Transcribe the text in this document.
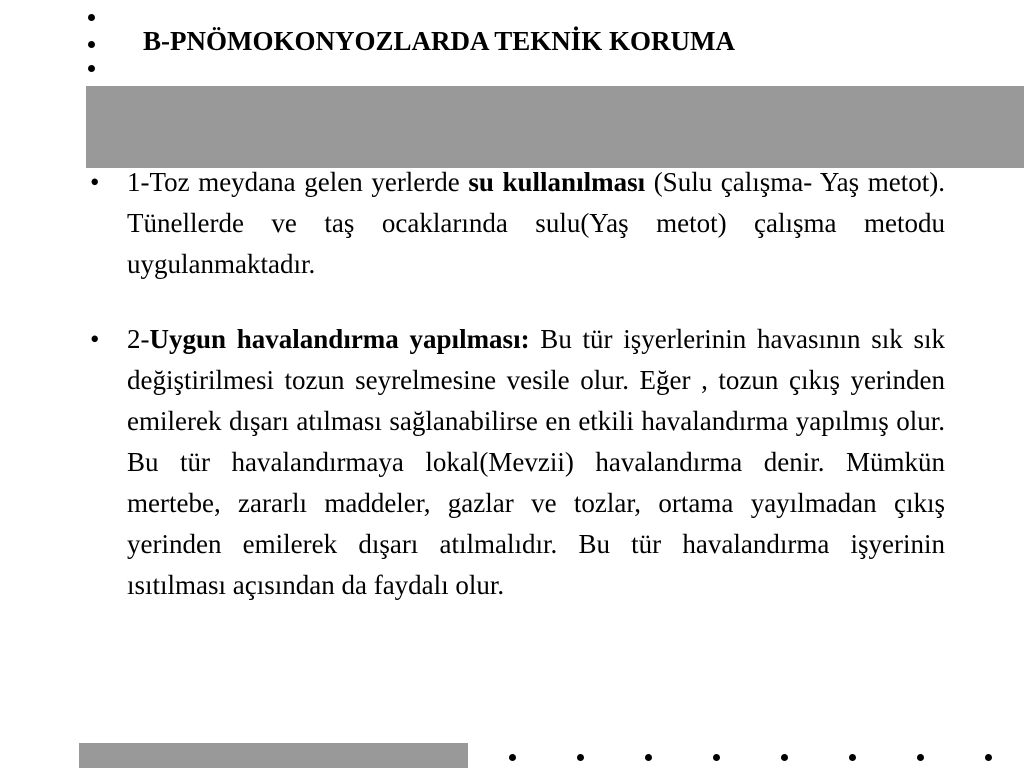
B-PNÖMOKONYOZLARDA TEKNİK KORUMA

• 1-Toz meydana gelen yerlerde su kullanılması (Sulu çalışma- Yaş metot). Tünellerde ve taş ocaklarında sulu(Yaş metot) çalışma metodu uygulanmaktadır.

• 2-Uygun havalandırma yapılması: Bu tür işyerlerinin havasının sık sık değiştirilmesi tozun seyrelmesine vesile olur. Eğer , tozun çıkış yerinden emilerek dışarı atılması sağlanabilirse en etkili havalandırma yapılmış olur. Bu tür havalandırmaya lokal(Mevzii) havalandırma denir. Mümkün mertebe, zararlı maddeler, gazlar ve tozlar, ortama yayılmadan çıkış yerinden emilerek dışarı atılmalıdır. Bu tür havalandırma işyerinin ısıtılması açısından da faydalı olur.
